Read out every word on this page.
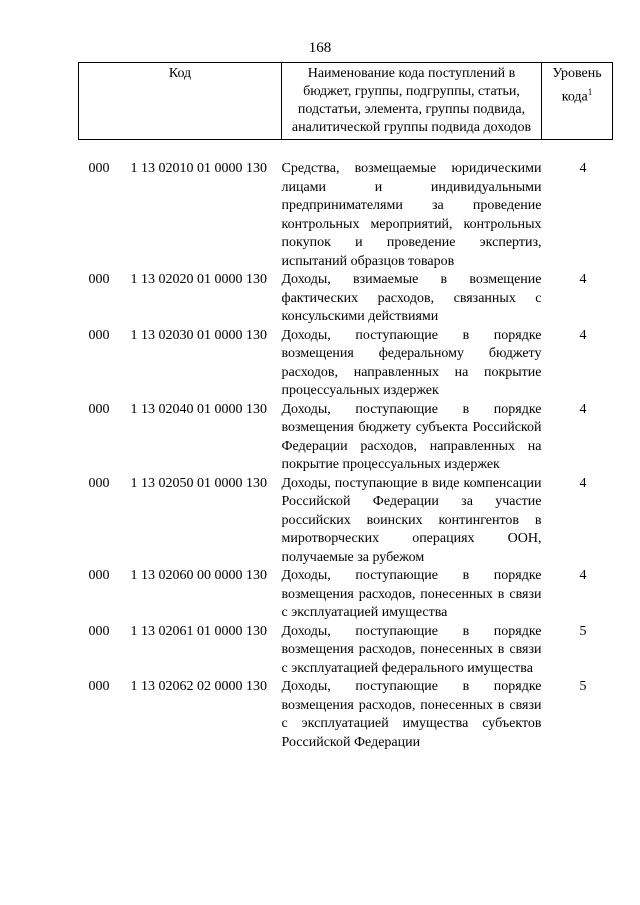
168
Код	Наименование кода поступлений в бюджет, группы, подгруппы, статьи, подстатьи, элемента, группы подвида, аналитической группы подвида доходов	Уровень кода$^1$

000 1 13 02010 01 0000 130	Средства, возмещаемые юридическими лицами и индивидуальными предпринимателями за проведение контрольных мероприятий, контрольных покупок и проведение экспертиз, испытаний образцов товаров	4
000 1 13 02020 01 0000 130	Доходы, взимаемые в возмещение фактических расходов, связанных с консульскими действиями	4
000 1 13 02030 01 0000 130	Доходы, поступающие в порядке возмещения федеральному бюджету расходов, направленных на покрытие процессуальных издержек	4
000 1 13 02040 01 0000 130	Доходы, поступающие в порядке возмещения бюджету субъекта Российской Федерации расходов, направленных на покрытие процессуальных издержек	4
000 1 13 02050 01 0000 130	Доходы, поступающие в виде компенсации Российской Федерации за участие российских воинских контингентов в миротворческих операциях ООН, получаемые за рубежом	4
000 1 13 02060 00 0000 130	Доходы, поступающие в порядке возмещения расходов, понесенных в связи с эксплуатацией имущества	4
000 1 13 02061 01 0000 130	Доходы, поступающие в порядке возмещения расходов, понесенных в связи с эксплуатацией федерального имущества	5
000 1 13 02062 02 0000 130	Доходы, поступающие в порядке возмещения расходов, понесенных в связи с эксплуатацией имущества субъектов Российской Федерации	5
